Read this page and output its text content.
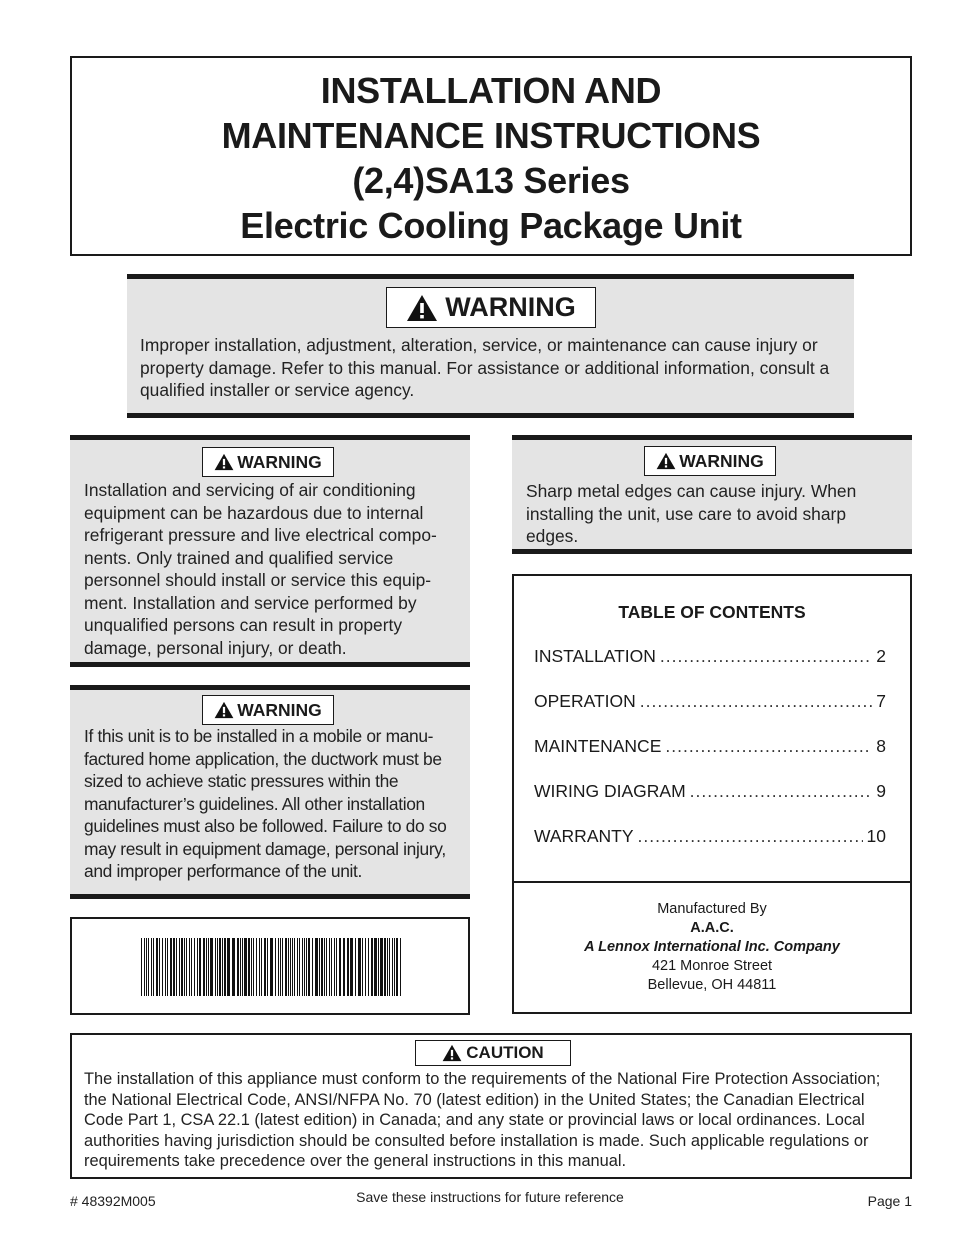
INSTALLATION AND
MAINTENANCE INSTRUCTIONS
(2,4)SA13 Series
Electric Cooling Package Unit
WARNING
Improper installation, adjustment, alteration, service, or maintenance can cause injury or property damage. Refer to this manual. For assistance or additional information, consult a qualified installer or service agency.
WARNING
Installation and servicing of air conditioning equipment can be hazardous due to internal refrigerant pressure and live electrical compo-nents. Only trained and qualified service personnel should install or service this equip-ment. Installation and service performed by unqualified persons can result in property damage, personal injury, or death.
WARNING
If this unit is to be installed in a mobile or manu-factured home application, the ductwork must be sized to achieve static pressures within the manufacturer’s guidelines. All other installation guidelines must also be followed. Failure to do so may result in equipment damage, personal injury, and improper performance of the unit.
WARNING
Sharp metal edges can cause injury. When installing the unit, use care to avoid sharp edges.
TABLE OF CONTENTS
INSTALLATION .....	2
OPERATION .....	7
MAINTENANCE .....	8
WIRING DIAGRAM .....	9
WARRANTY .....	10
Manufactured By
A.A.C.
A Lennox International Inc. Company
421 Monroe Street
Bellevue, OH 44811
CAUTION
The installation of this appliance must conform to the requirements of the National Fire Protection Association; the National Electrical Code, ANSI/NFPA No. 70 (latest edition) in the United States; the Canadian Electrical Code Part 1, CSA 22.1 (latest edition) in Canada; and any state or provincial laws or local ordinances. Local authorities having jurisdiction should be consulted before installation is made. Such applicable regulations or requirements take precedence over the general instructions in this manual.
# 48392M005	Save these instructions for future reference	Page 1
